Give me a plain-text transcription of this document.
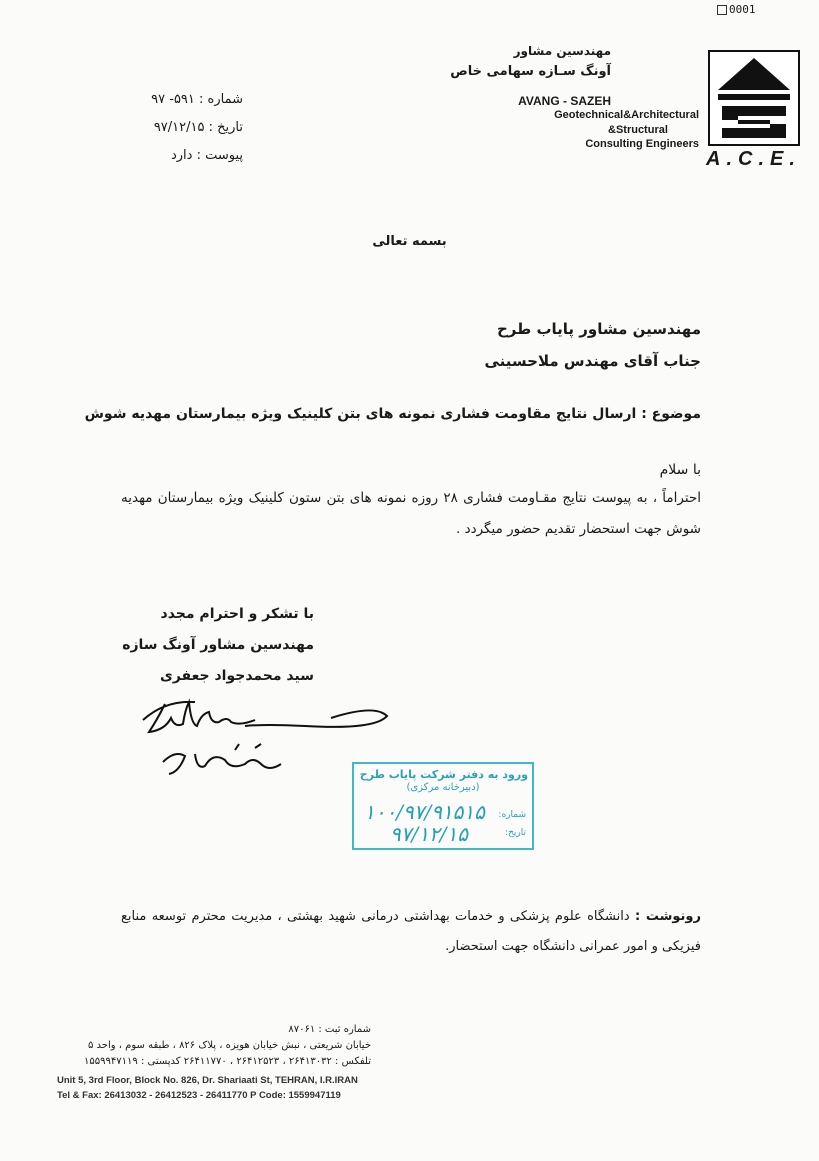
0001
A.C.E.
مهندسین مشاور
آونگ سـازه سهامی خاص
AVANG - SAZEH
Geotechnical&Architectural
&Structural
Consulting Engineers
شماره : ۵۹۱- ۹۷
تاریخ : ۹۷/۱۲/۱۵
پیوست : دارد
بسمه تعالی
مهندسین مشاور پایاب طرح
جناب آقای مهندس ملاحسینی
موضوع : ارسال نتایج مقاومت فشاری نمونه های بتن کلینیک ویژه بیمارستان مهدیه شوش
با سلام
احتراماً ، به پیوست نتایج مقـاومت فشاری ۲۸ روزه نمونه های بتن ستون کلینیک ویژه بیمارستان مهدیه شوش جهت استحضار تقدیم حضور میگردد .
با تشکر و احترام مجدد
مهندسین مشاور آونگ سازه
سید محمدجواد جعفری
ورود به دفتر شرکت پایاب طرح
(دبیرخانه مرکزی)
شماره:
تاریخ:
۱۰۰/۹۷/۹۱۵۱۵
۹۷/۱۲/۱۵
رونوشت : دانشگاه علوم پزشکی و خدمات بهداشتی درمانی شهید بهشتی ، مدیریت محترم توسعه منابع فیزیکی و امور عمرانی دانشگاه جهت استحضار.
شماره ثبت : ۸۷۰۶۱
خیابان شریعتی ، نبش خیابان هویزه ، پلاک ۸۲۶ ، طبقه سوم ، واحد ۵
تلفکس : ۲۶۴۱۳۰۳۲ ، ۲۶۴۱۲۵۲۳ ، ۲۶۴۱۱۷۷۰ کدپستی : ۱۵۵۹۹۴۷۱۱۹
Unit 5, 3rd Floor, Block No. 826, Dr. Shariaati St, TEHRAN, I.R.IRAN
Tel & Fax: 26413032 - 26412523 - 26411770 P Code: 1559947119
